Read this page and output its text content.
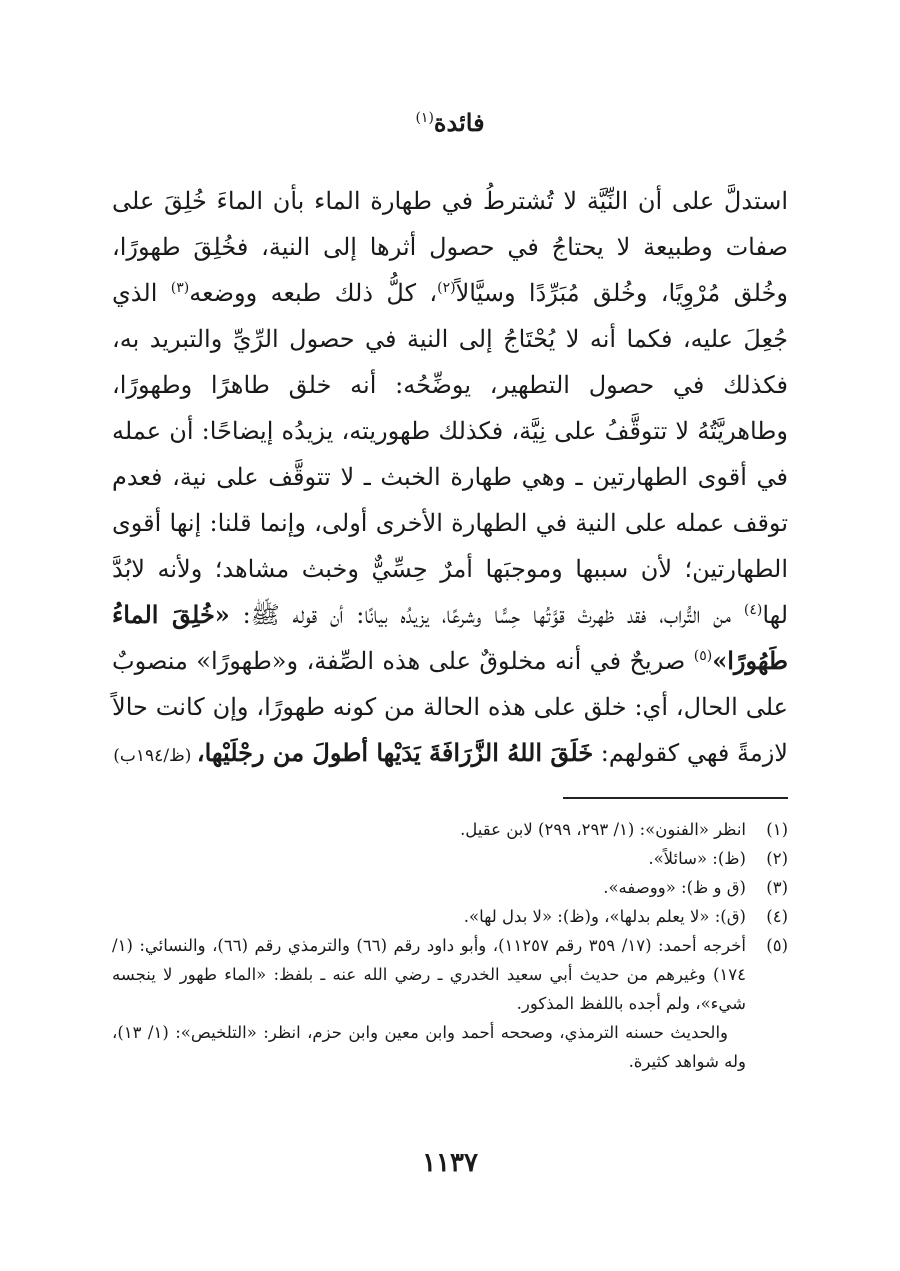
فائدة$^{(١)}$
استدلَّ على أن النِّيَّة لا تُشترطُ في طهارة الماء بأن الماءَ خُلِقَ على صفات وطبيعة لا يحتاجُ في حصول أثرها إلى النية، فخُلِقَ طهورًا، وخُلق مُرْوِيًا، وخُلق مُبَرِّدًا وسيَّالاً$^{(٢)}$، كلُّ ذلك طبعه ووضعه$^{(٣)}$ الذي جُعِلَ عليه، فكما أنه لا يُحْتَاجُ إلى النية في حصول الرِّيِّ والتبريد به، فكذلك في حصول التطهير، يوضِّحُه: أنه خلق طاهرًا وطهورًا، وطاهريَّتُهُ لا تتوقَّفُ على نِيَّة، فكذلك طهوريته، يزيدُه إيضاحًا: أن عمله في أقوى الطهارتين ـ وهي طهارة الخبث ـ لا تتوقَّف على نية، فعدم توقف عمله على النية في الطهارة الأخرى أولى، وإنما قلنا: إنها أقوى الطهارتين؛ لأن سببها وموجبَها أمرٌ حِسِّيٌّ وخبث مشاهد؛ ولأنه لابُدَّ لها$^{(٤)}$ من التُّراب، فقد ظهرتْ قوَّتُها حِسًّا وشرعًا، يزيدُه بيانًا: أن قوله ﷺ: «خُلِقَ الماءُ طَهُورًا»$^{(٥)}$ صريحٌ في أنه مخلوقٌ على هذه الصِّفة، و«طهورًا» منصوبٌ على الحال، أي: خلق على هذه الحالة من كونه طهورًا، وإن كانت حالاً لازمةً فهي كقولهم: خَلَقَ اللهُ الزَّرَافَةَ يَدَيْها أطولَ من رجْلَيْها، (ظ/١٩٤ب)
(١)
انظر «الفنون»: (١/ ٢٩٣، ٢٩٩) لابن عقيل.
(٢)
(ظ): «سائلاً».
(٣)
(ق و ظ): «ووصفه».
(٤)
(ق): «لا يعلم بدلها»، و(ظ): «لا بدل لها».
(٥)
أخرجه أحمد: (١٧/ ٣٥٩ رقم ١١٢٥٧)، وأبو داود رقم (٦٦) والترمذي رقم (٦٦)، والنسائي: (١/ ١٧٤) وغيرهم من حديث أبي سعيد الخدري ـ رضي الله عنه ـ بلفظ: «الماء طهور لا ينجسه شيء»، ولم أجده باللفظ المذكور.
والحديث حسنه الترمذي، وصححه أحمد وابن معين وابن حزم، انظر: «التلخيص»: (١/ ١٣)، وله شواهد كثيرة.
١١٣٧
